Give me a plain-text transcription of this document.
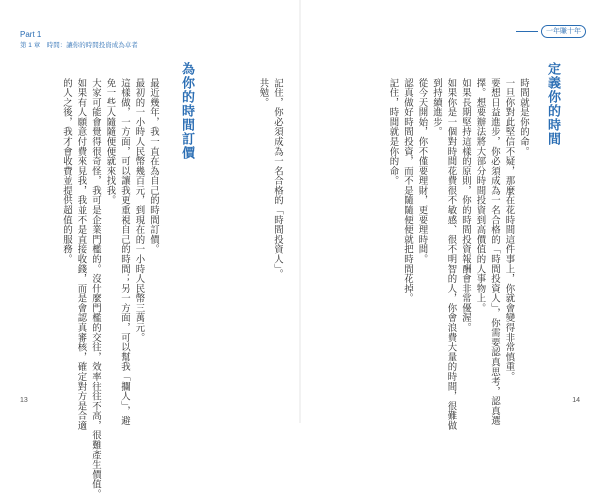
Part 1
第 1 章　時間：讓你的時間投資成為卓者
記住，你必須成為一名合格的「時間投資人」。
共勉。
為你的時間訂價
最近幾年，我一直在為自己的時間訂價。
最初的一小時人民幣幾百元，到現在的一小時人民幣三萬元。
這樣做，一方面，可以讓我更重視自己的時間；另一方面，可以幫我「攔人」，避
免一些人隨隨便便就來找我。
大家可能會覺得很奇怪，我可是企業門檻的。沒什麼門檻的交往，效率往往不高，很難產生價值。
如果有人願意付費來見我，我並不是直接收錢，而是會認真審核，確定對方是合適
的人之後，我才會收費並提供超值的服務。
13
一年賺十年
定義你的時間
時間就是你的命。
一旦你對此堅信不疑，那麼在花時間這件事上，你就會變得非常慎重。
要想日益進步，你必須成為一名合格的「時間投資人」，你需要認真思考，認真選
擇。想要辦法將大部分時間投資到高價值的人事物上。
如果長期堅持這樣的原則，你的時間投資報酬會非常優渥。
如果你是一個對時間花費很不敏感、很不明智的人，你會浪費大量的時間，很難做
到持續進步。
從今天開始，你不僅要理財，更要理時間。
認真做好時間投資，而不是隨隨便便就把時間花掉。
記住，時間就是你的命。
14
